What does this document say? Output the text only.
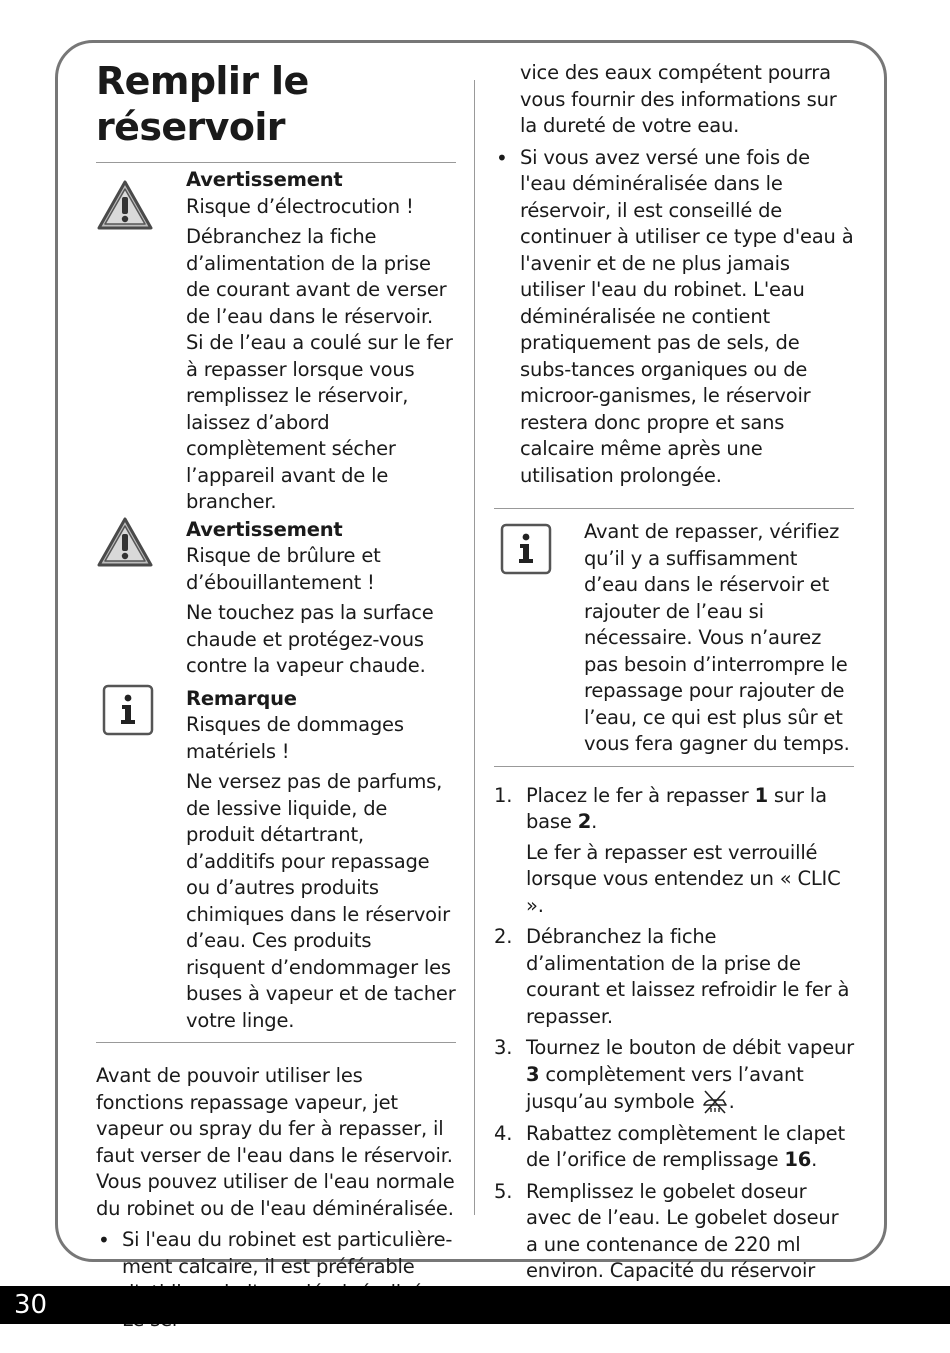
Remplir le réservoir
Avertissement

Risque d’électrocution !

Débranchez la fiche d’alimentation de la prise de courant avant de verser de l’eau dans le réservoir. Si de l’eau a coulé sur le fer à repasser lorsque vous remplissez le réservoir, laissez d’abord complètement sécher l’appareil avant de le brancher.

Avertissement

Risque de brûlure et d’ébouillantement !

Ne touchez pas la surface chaude et protégez-vous contre la vapeur chaude.

Remarque

Risques de dommages matériels !

Ne versez pas de parfums, de lessive liquide, de produit détartrant, d’additifs pour repassage ou d’autres produits chimiques dans le réservoir d’eau. Ces produits risquent d’endommager les buses à vapeur et de tacher votre linge.

Avant de pouvoir utiliser les fonctions repassage vapeur, jet vapeur ou spray du fer à repasser, il faut verser de l'eau dans le réservoir. Vous pouvez utiliser de l'eau normale du robinet ou de l'eau déminéralisée.

• Si l'eau du robinet est particulière-ment calcaire, il est préférable

vice des eaux compétent pourra vous fournir des informations sur la dureté de votre eau.

• Si vous avez versé une fois de l'eau déminéralisée dans le réservoir, il est conseillé de continuer à utiliser ce type d'eau à l'avenir et de ne plus jamais utiliser l'eau du robinet. L'eau déminéralisée ne contient pratiquement pas de sels, de subs-tances organiques ou de microor-ganismes, le réservoir restera donc propre et sans calcaire même après une utilisation prolongée.

Avant de repasser, vérifiez qu’il y a suffisamment d’eau dans le réservoir et rajouter de l’eau si nécessaire. Vous n’aurez pas besoin d’interrompre le repassage pour rajouter de l’eau, ce qui est plus sûr et vous fera gagner du temps.

1. Placez le fer à repasser 1 sur la base 2.

Le fer à repasser est verrouillé lorsque vous entendez un « CLIC ».

2. Débranchez la fiche d’alimentation de la prise de courant et laissez refroidir le fer à repasser.

3. Tournez le bouton de débit vapeur 3 complètement vers l’avant jusqu’au symbole .

4. Rabattez complètement le clapet de l’orifice de remplissage 16.

5. Remplissez le gobelet doseur avec de l’eau. Le gobelet doseur a une contenance de 220 ml environ. Capacité du réservoir

30
